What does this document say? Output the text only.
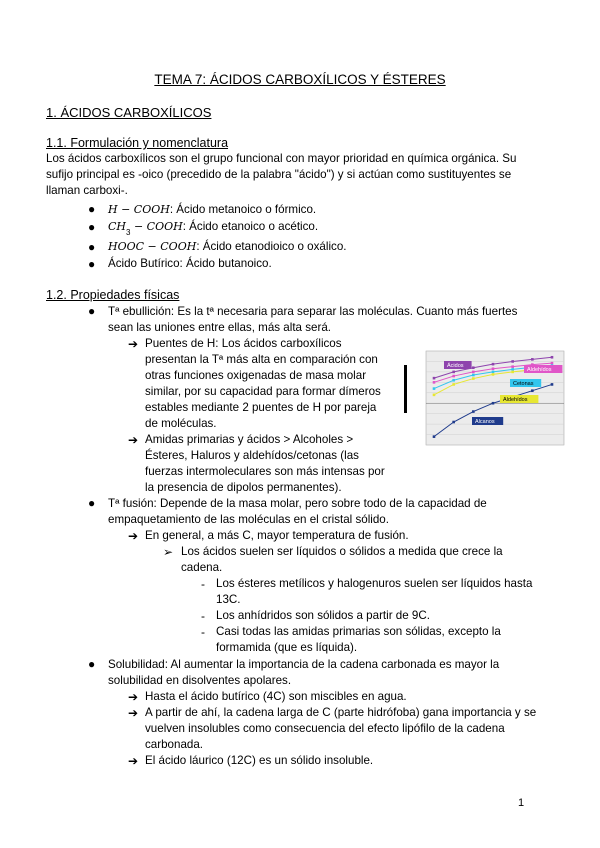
TEMA 7: ÁCIDOS CARBOXÍLICOS Y ÉSTERES
1. ÁCIDOS CARBOXÍLICOS
1.1. Formulación y nomenclatura
Los ácidos carboxílicos son el grupo funcional con mayor prioridad en química orgánica. Su
sufijo principal es -oico (precedido de la palabra "ácido") y si actúan como sustituyentes se
llaman carboxi-.
● H − COOH: Ácido metanoico o fórmico.
● $CH_3$ − COOH: Ácido etanoico o acético.
● HOOC − COOH: Ácido etanodioico o oxálico.
● Ácido Butírico: Ácido butanoico.
1.2. Propiedades físicas
● Tª ebullición: Es la tª necesaria para separar las moléculas. Cuanto más fuertes
sean las uniones entre ellas, más alta será.
➔ Puentes de H: Los ácidos carboxílicos
presentan la Tª más alta en comparación con
otras funciones oxigenadas de masa molar
similar, por su capacidad para formar dímeros
estables mediante 2 puentes de H por pareja
de moléculas.
➔ Amidas primarias y ácidos > Alcoholes >
Ésteres, Haluros y aldehídos/cetonas (las
fuerzas intermoleculares son más intensas por
la presencia de dipolos permanentes).
Ácidos
Aldehídos
Cetonas
Aldehídos
Alcanos
● Tª fusión: Depende de la masa molar, pero sobre todo de la capacidad de
empaquetamiento de las moléculas en el cristal sólido.
➔ En general, a más C, mayor temperatura de fusión.
➢ Los ácidos suelen ser líquidos o sólidos a medida que crece la
cadena.
- Los ésteres metílicos y halogenuros suelen ser líquidos hasta
13C.
- Los anhídridos son sólidos a partir de 9C.
- Casi todas las amidas primarias son sólidas, excepto la
formamida (que es líquida).
● Solubilidad: Al aumentar la importancia de la cadena carbonada es mayor la
solubilidad en disolventes apolares.
➔ Hasta el ácido butírico (4C) son miscibles en agua.
➔ A partir de ahí, la cadena larga de C (parte hidrófoba) gana importancia y se
vuelven insolubles como consecuencia del efecto lipófilo de la cadena
carbonada.
➔ El ácido láurico (12C) es un sólido insoluble.
1
